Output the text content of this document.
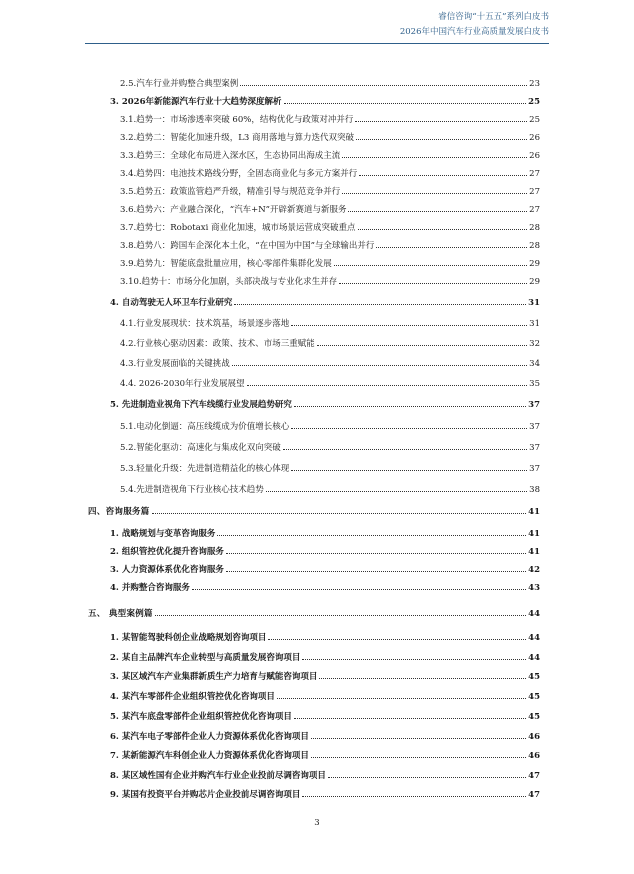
睿信咨询“十五五”系列白皮书
2026年中国汽车行业高质量发展白皮书
2.5.汽车行业并购整合典型案例	23
3. 2026年新能源汽车行业十大趋势深度解析	25
3.1.趋势一：市场渗透率突破 60%，结构优化与政策对冲并行	25
3.2.趋势二：智能化加速升级，L3 商用落地与算力迭代双突破	26
3.3.趋势三：全球化布局进入深水区，生态协同出海成主流	26
3.4.趋势四：电池技术路线分野，全固态商业化与多元方案并行	27
3.5.趋势五：政策监管趋严升级，精准引导与规范竞争并行	27
3.6.趋势六：产业融合深化，“汽车+N”开辟新赛道与新服务	27
3.7.趋势七：Robotaxi 商业化加速，城市场景运营成突破重点	28
3.8.趋势八：跨国车企深化本土化，“在中国为中国”与全球输出并行	28
3.9.趋势九：智能底盘批量应用，核心零部件集群化发展	29
3.10.趋势十：市场分化加剧，头部决战与专业化求生并存	29
4. 自动驾驶无人环卫车行业研究	31
4.1.行业发展现状：技术筑基，场景逐步落地	31
4.2.行业核心驱动因素：政策、技术、市场三重赋能	32
4.3.行业发展面临的关键挑战	34
4.4. 2026-2030年行业发展展望	35
5. 先进制造业视角下汽车线缆行业发展趋势研究	37
5.1.电动化倒逼：高压线缆成为价值增长核心	37
5.2.智能化驱动：高速化与集成化双向突破	37
5.3.轻量化升级：先进制造精益化的核心体现	37
5.4.先进制造视角下行业核心技术趋势	38
四、咨询服务篇	41
1. 战略规划与变革咨询服务	41
2. 组织管控优化提升咨询服务	41
3. 人力资源体系优化咨询服务	42
4. 并购整合咨询服务	43
五、 典型案例篇	44
1. 某智能驾驶科创企业战略规划咨询项目	44
2. 某自主品牌汽车企业转型与高质量发展咨询项目	44
3. 某区域汽车产业集群新质生产力培育与赋能咨询项目	45
4. 某汽车零部件企业组织管控优化咨询项目	45
5. 某汽车底盘零部件企业组织管控优化咨询项目	45
6. 某汽车电子零部件企业人力资源体系优化咨询项目	46
7. 某新能源汽车科创企业人力资源体系优化咨询项目	46
8. 某区域性国有企业并购汽车行业企业投前尽调咨询项目	47
9. 某国有投资平台并购芯片企业投前尽调咨询项目	47
3
